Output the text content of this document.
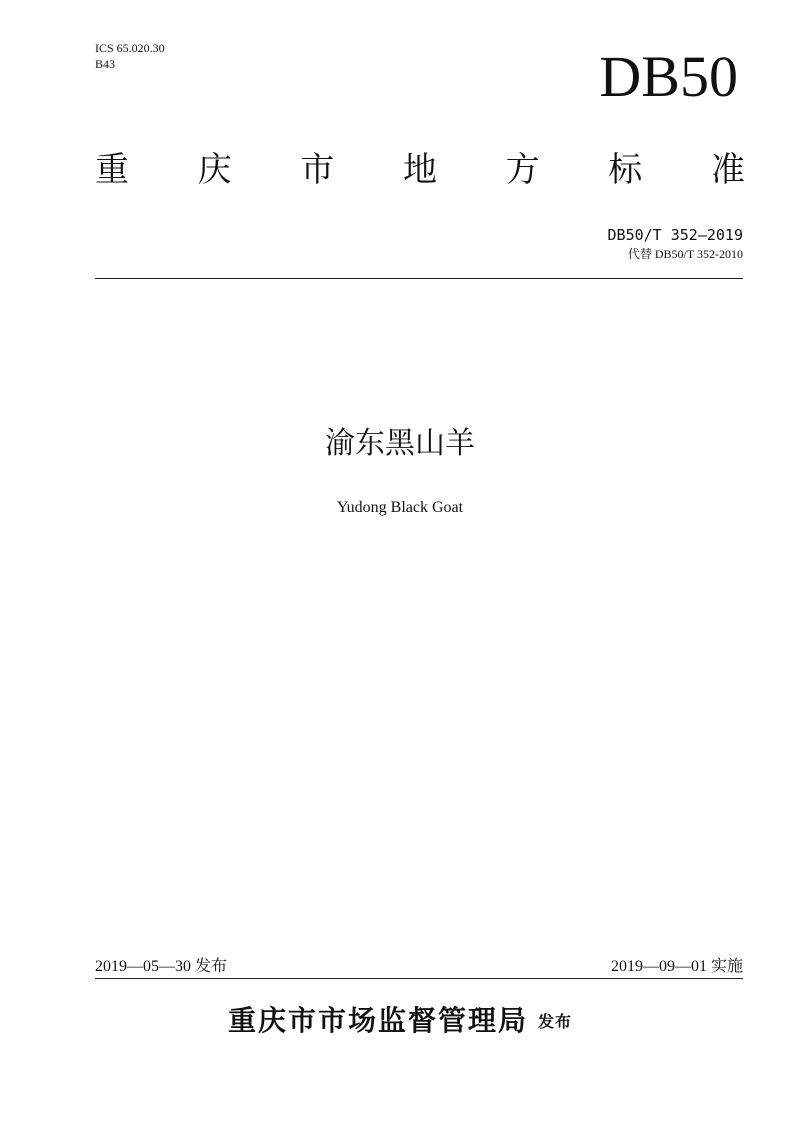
ICS 65.020.30
B43	DB50
重 庆 市 地 方 标 准
DB50/T 352—2019
代替 DB50/T 352-2010
渝东黑山羊
Yudong Black Goat
2019—05—30 发布	2019—09—01 实施
重庆市市场监督管理局 发布
